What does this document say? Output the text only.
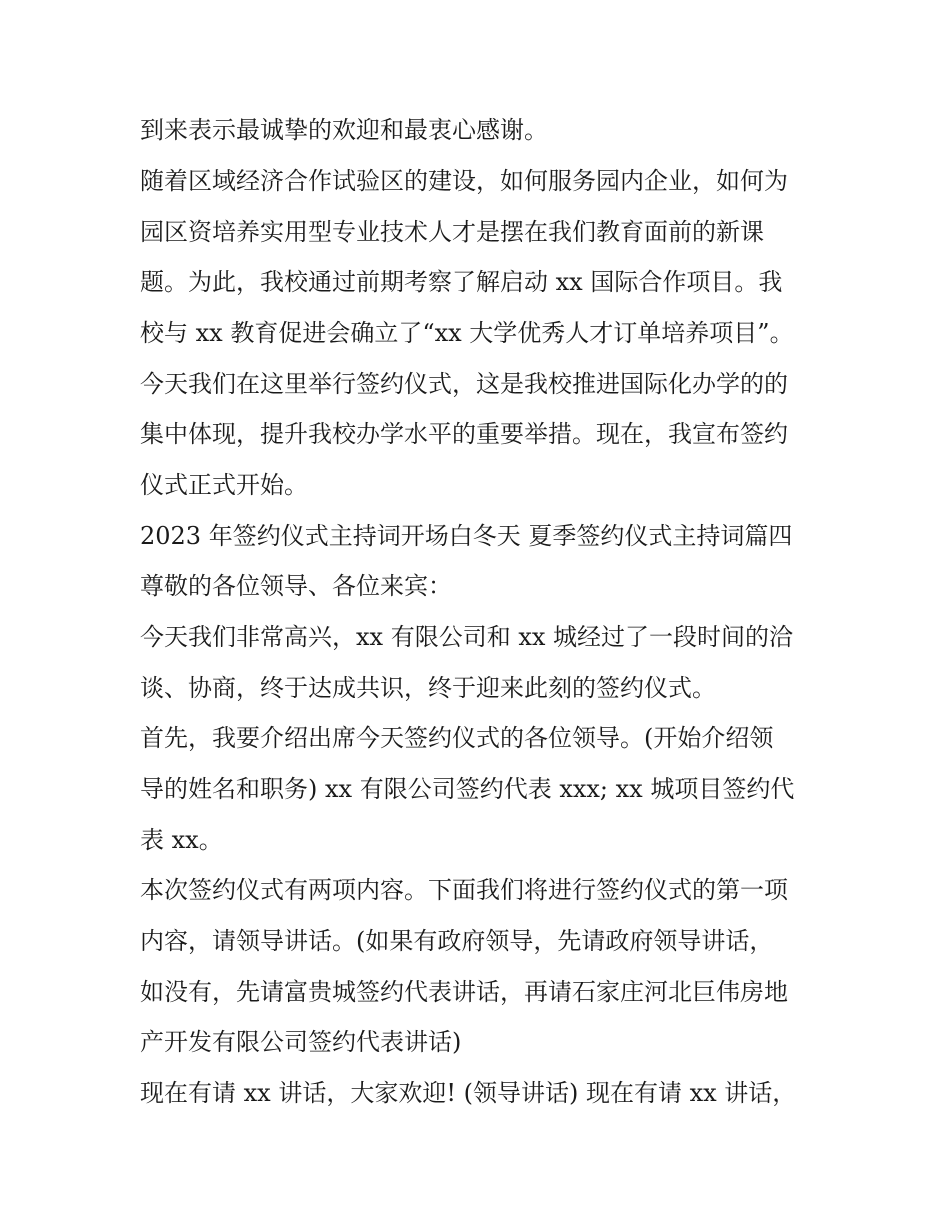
到来表示最诚挚的欢迎和最衷心感谢。

随着区域经济合作试验区的建设，如何服务园内企业，如何为

园区资培养实用型专业技术人才是摆在我们教育面前的新课

题。为此，我校通过前期考察了解启动 xx 国际合作项目。我

校与 xx 教育促进会确立了“xx 大学优秀人才订单培养项目”。

今天我们在这里举行签约仪式，这是我校推进国际化办学的的

集中体现，提升我校办学水平的重要举措。现在，我宣布签约

仪式正式开始。

2023 年签约仪式主持词开场白冬天 夏季签约仪式主持词篇四

尊敬的各位领导、各位来宾：

今天我们非常高兴，xx 有限公司和 xx 城经过了一段时间的洽

谈、协商，终于达成共识，终于迎来此刻的签约仪式。

首先，我要介绍出席今天签约仪式的各位领导。(开始介绍领

导的姓名和职务) xx 有限公司签约代表 xxx; xx 城项目签约代

表 xx。

本次签约仪式有两项内容。下面我们将进行签约仪式的第一项

内容，请领导讲话。(如果有政府领导，先请政府领导讲话，

如没有，先请富贵城签约代表讲话，再请石家庄河北巨伟房地

产开发有限公司签约代表讲话)

现在有请 xx 讲话，大家欢迎! (领导讲话) 现在有请 xx 讲话，
